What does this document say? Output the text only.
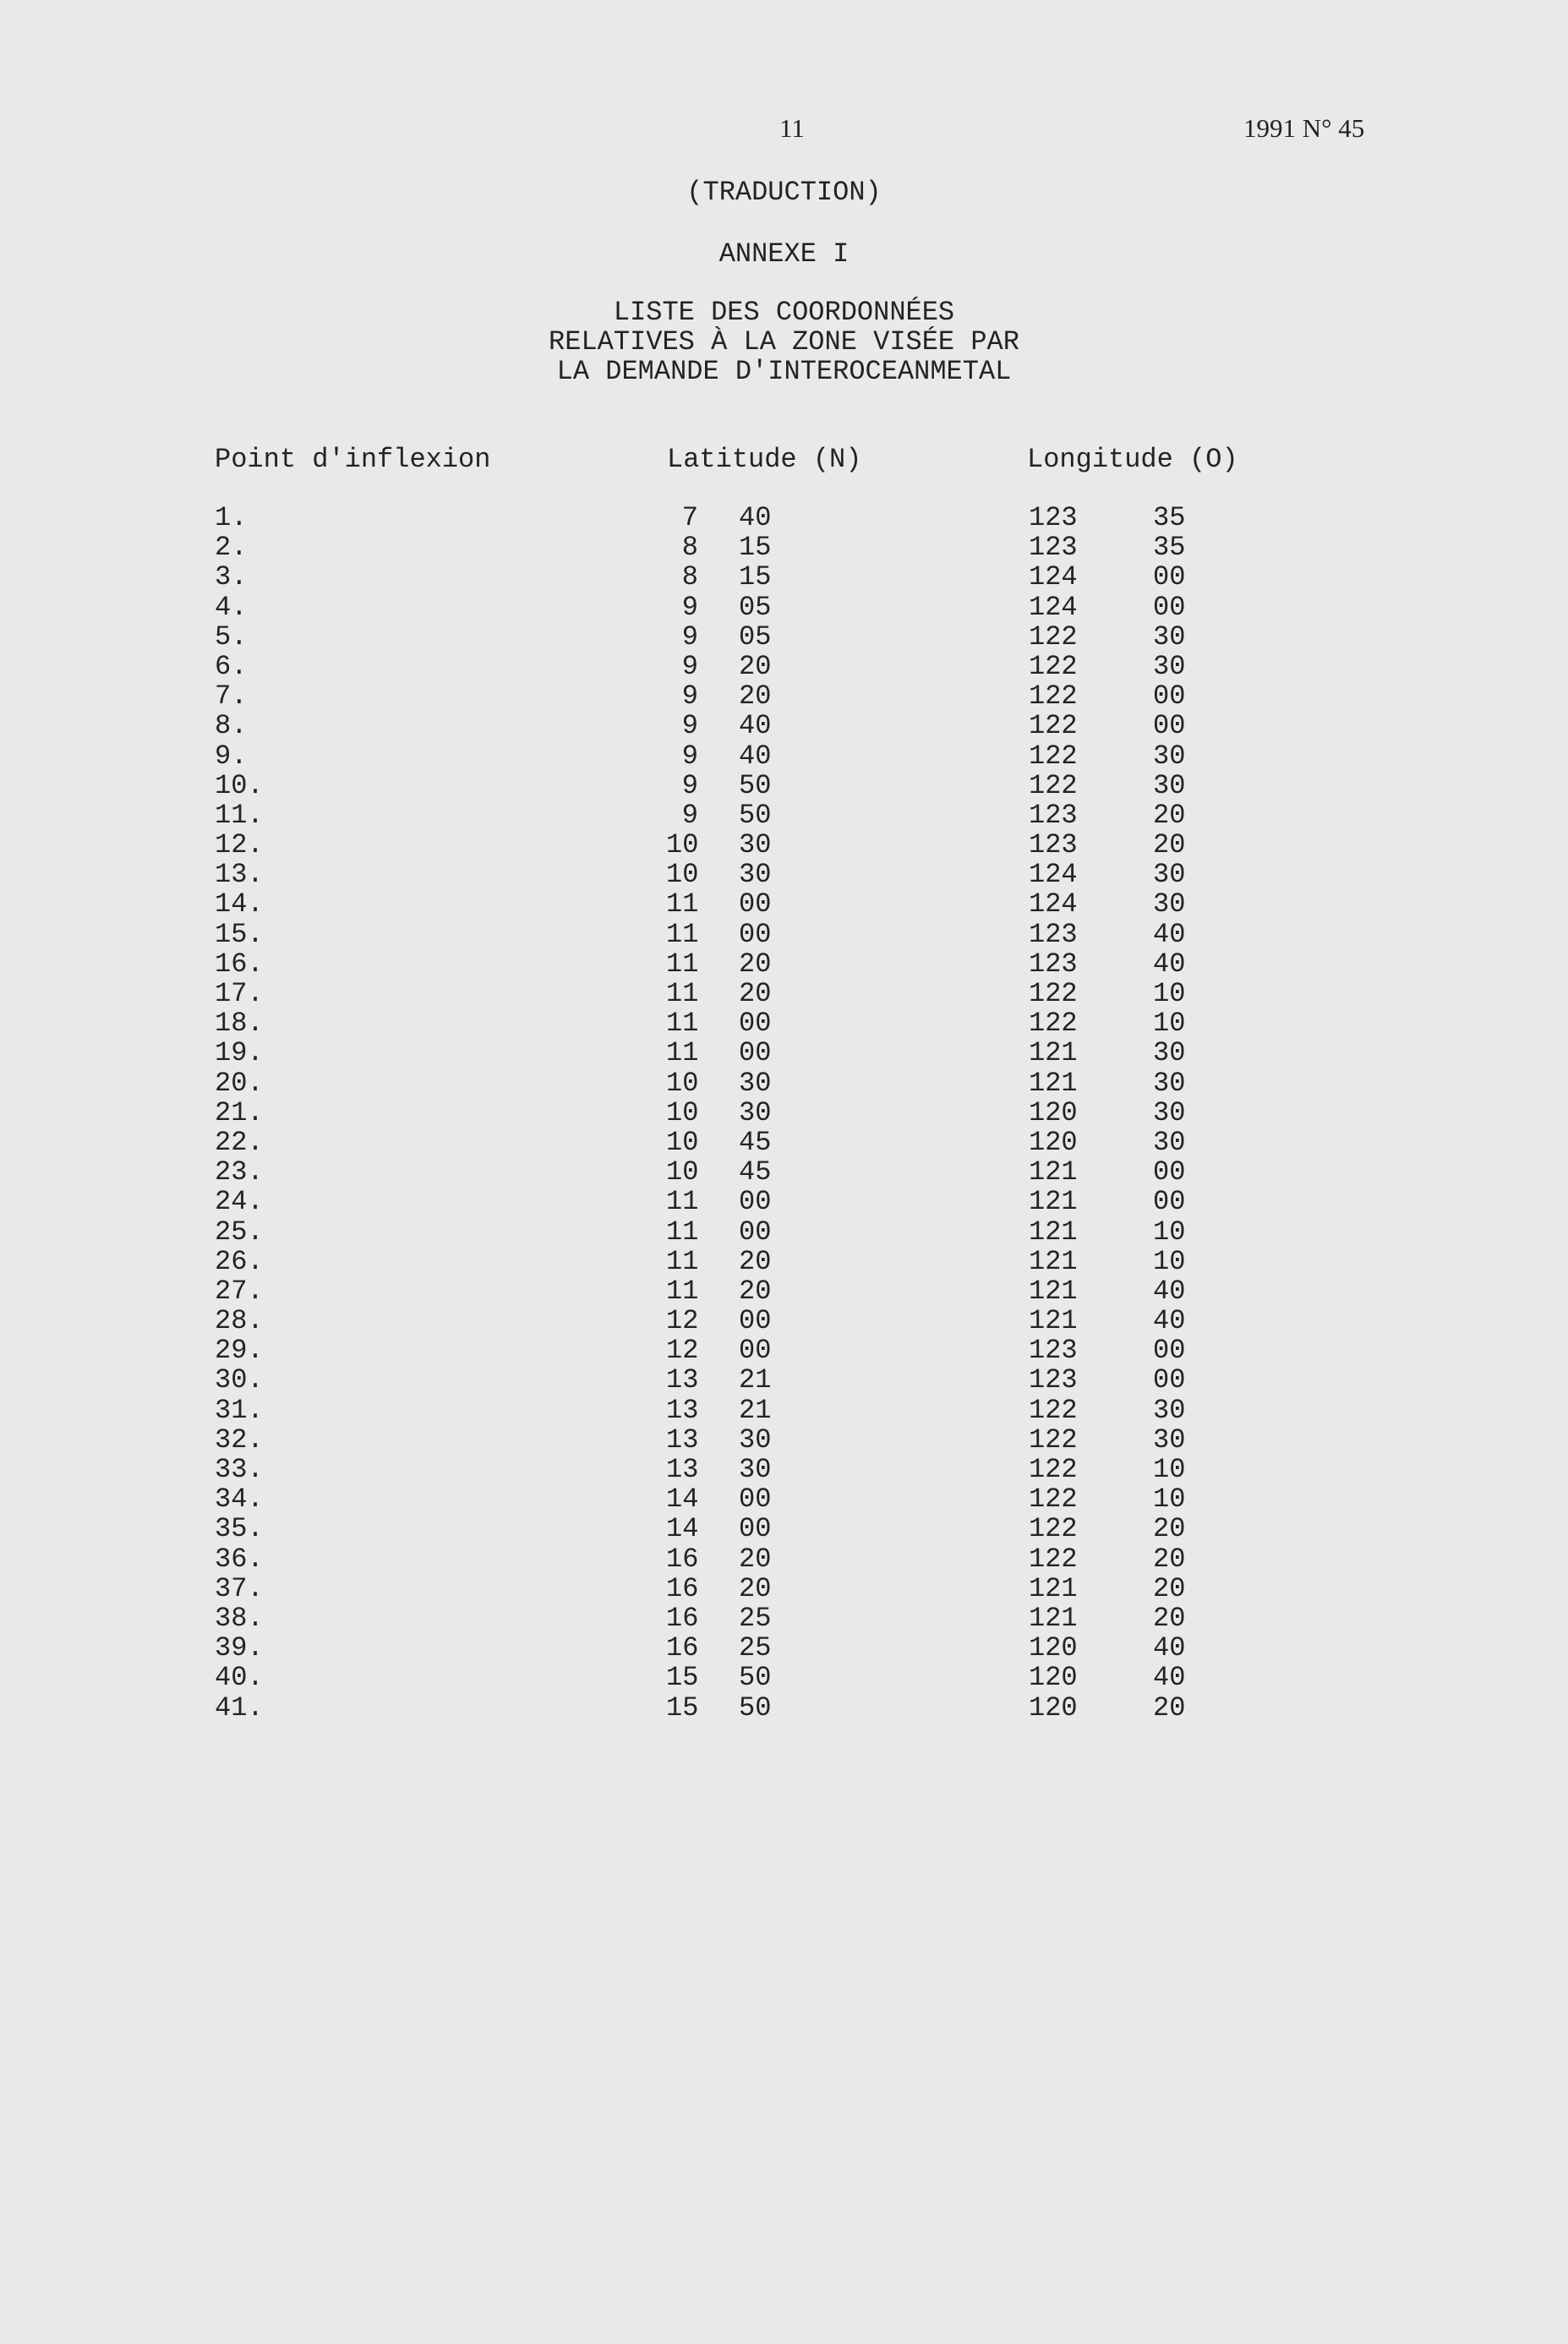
11	1991 N° 45
(TRADUCTION)
ANNEXE I
LISTE DES COORDONNÉES
RELATIVES À LA ZONE VISÉE PAR
LA DEMANDE D'INTEROCEANMETAL
Point d'inflexion	Latitude (N)	Longitude (O)
1.	7 40	123	35
2.	8 15	123	35
3.	8 15	124	00
4.	9 05	124	00
5.	9 05	122	30
6.	9 20	122	30
7.	9 20	122	00
8.	9 40	122	00
9.	9 40	122	30
10.	9 50	122	30
11.	9 50	123	20
12.	10 30	123	20
13.	10 30	124	30
14.	11 00	124	30
15.	11 00	123	40
16.	11 20	123	40
17.	11 20	122	10
18.	11 00	122	10
19.	11 00	121	30
20.	10 30	121	30
21.	10 30	120	30
22.	10 45	120	30
23.	10 45	121	00
24.	11 00	121	00
25.	11 00	121	10
26.	11 20	121	10
27.	11 20	121	40
28.	12 00	121	40
29.	12 00	123	00
30.	13 21	123	00
31.	13 21	122	30
32.	13 30	122	30
33.	13 30	122	10
34.	14 00	122	10
35.	14 00	122	20
36.	16 20	122	20
37.	16 20	121	20
38.	16 25	121	20
39.	16 25	120	40
40.	15 50	120	40
41.	15 50	120	20
